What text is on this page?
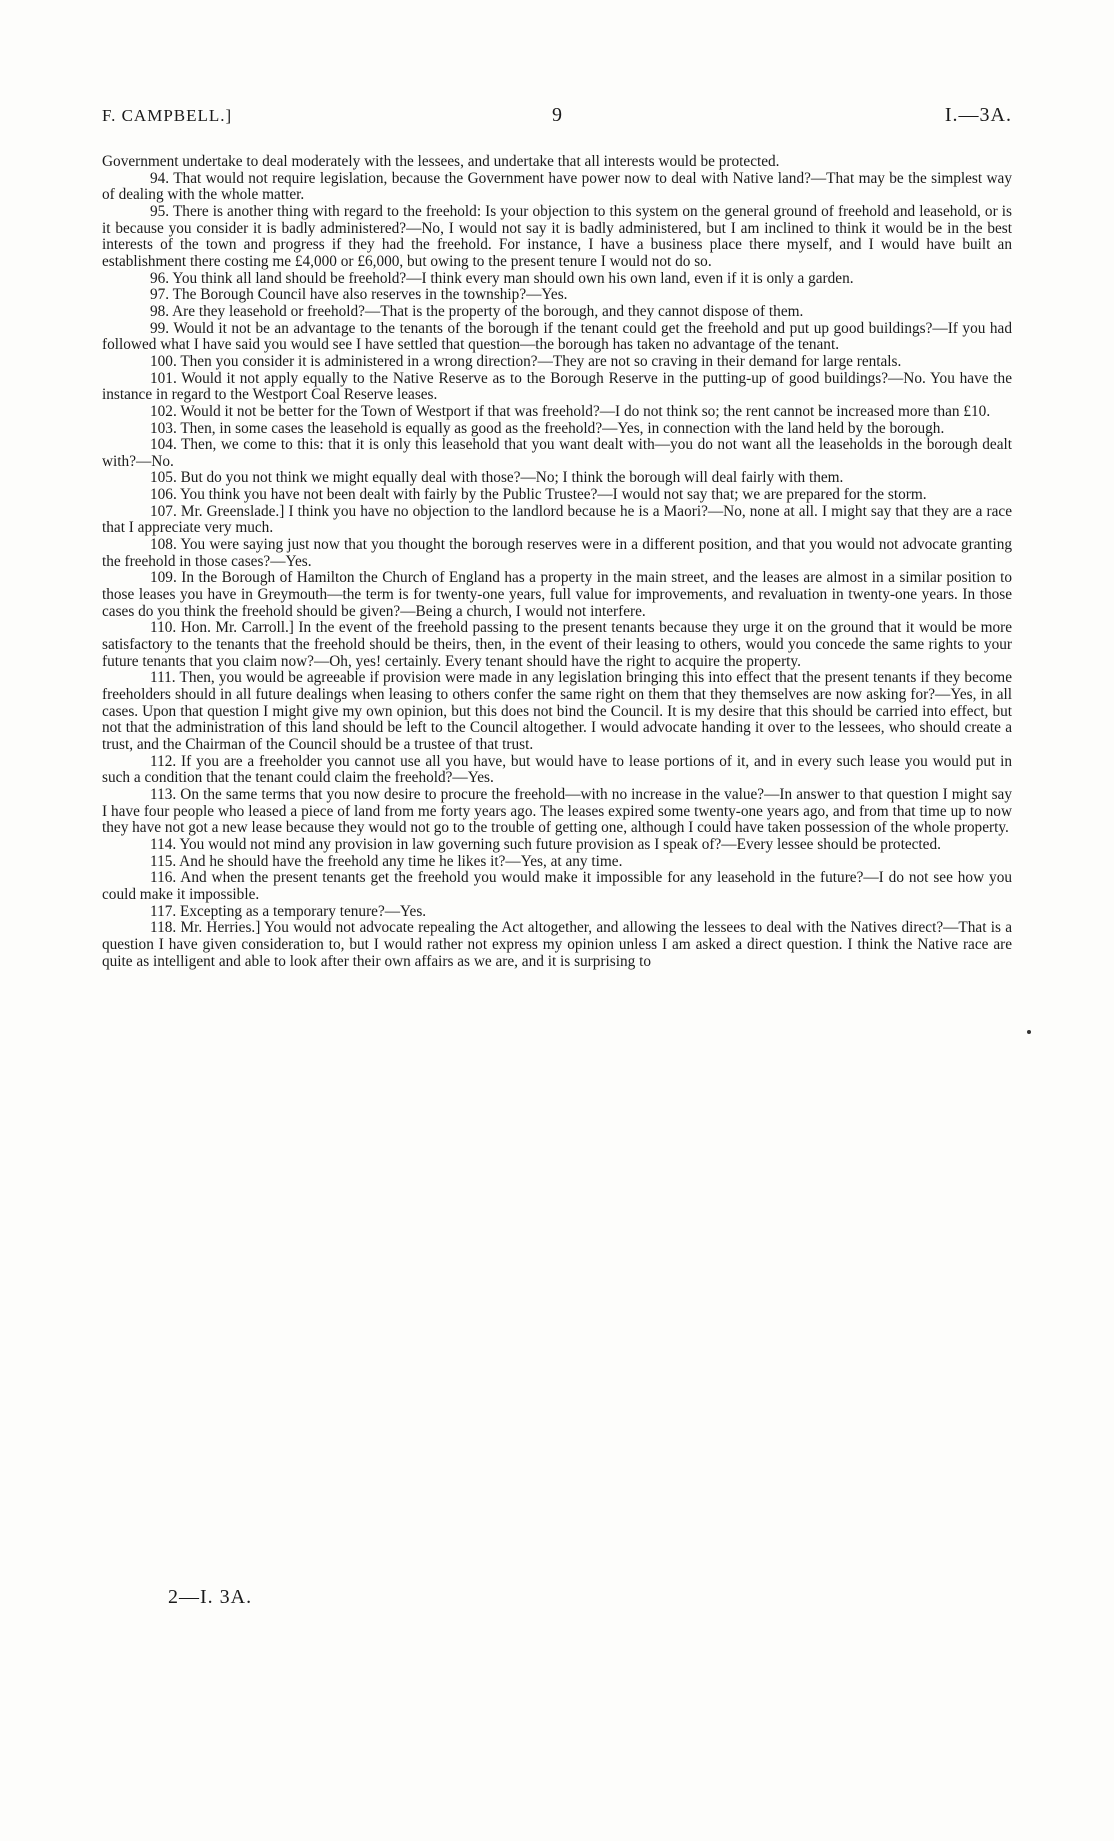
F. CAMPBELL.]	9	I.—3A.

Government undertake to deal moderately with the lessees, and undertake that all interests would be protected.

94. That would not require legislation, because the Government have power now to deal with Native land?—That may be the simplest way of dealing with the whole matter.

95. There is another thing with regard to the freehold: Is your objection to this system on the general ground of freehold and leasehold, or is it because you consider it is badly administered?—No, I would not say it is badly administered, but I am inclined to think it would be in the best interests of the town and progress if they had the freehold. For instance, I have a business place there myself, and I would have built an establishment there costing me £4,000 or £6,000, but owing to the present tenure I would not do so.

96. You think all land should be freehold?—I think every man should own his own land, even if it is only a garden.

97. The Borough Council have also reserves in the township?—Yes.

98. Are they leasehold or freehold?—That is the property of the borough, and they cannot dispose of them.

99. Would it not be an advantage to the tenants of the borough if the tenant could get the freehold and put up good buildings?—If you had followed what I have said you would see I have settled that question—the borough has taken no advantage of the tenant.

100. Then you consider it is administered in a wrong direction?—They are not so craving in their demand for large rentals.

101. Would it not apply equally to the Native Reserve as to the Borough Reserve in the putting-up of good buildings?—No. You have the instance in regard to the Westport Coal Reserve leases.

102. Would it not be better for the Town of Westport if that was freehold?—I do not think so; the rent cannot be increased more than £10.

103. Then, in some cases the leasehold is equally as good as the freehold?—Yes, in connection with the land held by the borough.

104. Then, we come to this: that it is only this leasehold that you want dealt with—you do not want all the leaseholds in the borough dealt with?—No.

105. But do you not think we might equally deal with those?—No; I think the borough will deal fairly with them.

106. You think you have not been dealt with fairly by the Public Trustee?—I would not say that; we are prepared for the storm.

107. Mr. Greenslade.] I think you have no objection to the landlord because he is a Maori?—No, none at all. I might say that they are a race that I appreciate very much.

108. You were saying just now that you thought the borough reserves were in a different position, and that you would not advocate granting the freehold in those cases?—Yes.

109. In the Borough of Hamilton the Church of England has a property in the main street, and the leases are almost in a similar position to those leases you have in Greymouth—the term is for twenty-one years, full value for improvements, and revaluation in twenty-one years. In those cases do you think the freehold should be given?—Being a church, I would not interfere.

110. Hon. Mr. Carroll.] In the event of the freehold passing to the present tenants because they urge it on the ground that it would be more satisfactory to the tenants that the freehold should be theirs, then, in the event of their leasing to others, would you concede the same rights to your future tenants that you claim now?—Oh, yes! certainly. Every tenant should have the right to acquire the property.

111. Then, you would be agreeable if provision were made in any legislation bringing this into effect that the present tenants if they become freeholders should in all future dealings when leasing to others confer the same right on them that they themselves are now asking for?—Yes, in all cases. Upon that question I might give my own opinion, but this does not bind the Council. It is my desire that this should be carried into effect, but not that the administration of this land should be left to the Council altogether. I would advocate handing it over to the lessees, who should create a trust, and the Chairman of the Council should be a trustee of that trust.

112. If you are a freeholder you cannot use all you have, but would have to lease portions of it, and in every such lease you would put in such a condition that the tenant could claim the freehold?—Yes.

113. On the same terms that you now desire to procure the freehold—with no increase in the value?—In answer to that question I might say I have four people who leased a piece of land from me forty years ago. The leases expired some twenty-one years ago, and from that time up to now they have not got a new lease because they would not go to the trouble of getting one, although I could have taken possession of the whole property.

114. You would not mind any provision in law governing such future provision as I speak of?—Every lessee should be protected.

115. And he should have the freehold any time he likes it?—Yes, at any time.

116. And when the present tenants get the freehold you would make it impossible for any leasehold in the future?—I do not see how you could make it impossible.

117. Excepting as a temporary tenure?—Yes.

118. Mr. Herries.] You would not advocate repealing the Act altogether, and allowing the lessees to deal with the Natives direct?—That is a question I have given consideration to, but I would rather not express my opinion unless I am asked a direct question. I think the Native race are quite as intelligent and able to look after their own affairs as we are, and it is surprising to

2—I. 3A.
